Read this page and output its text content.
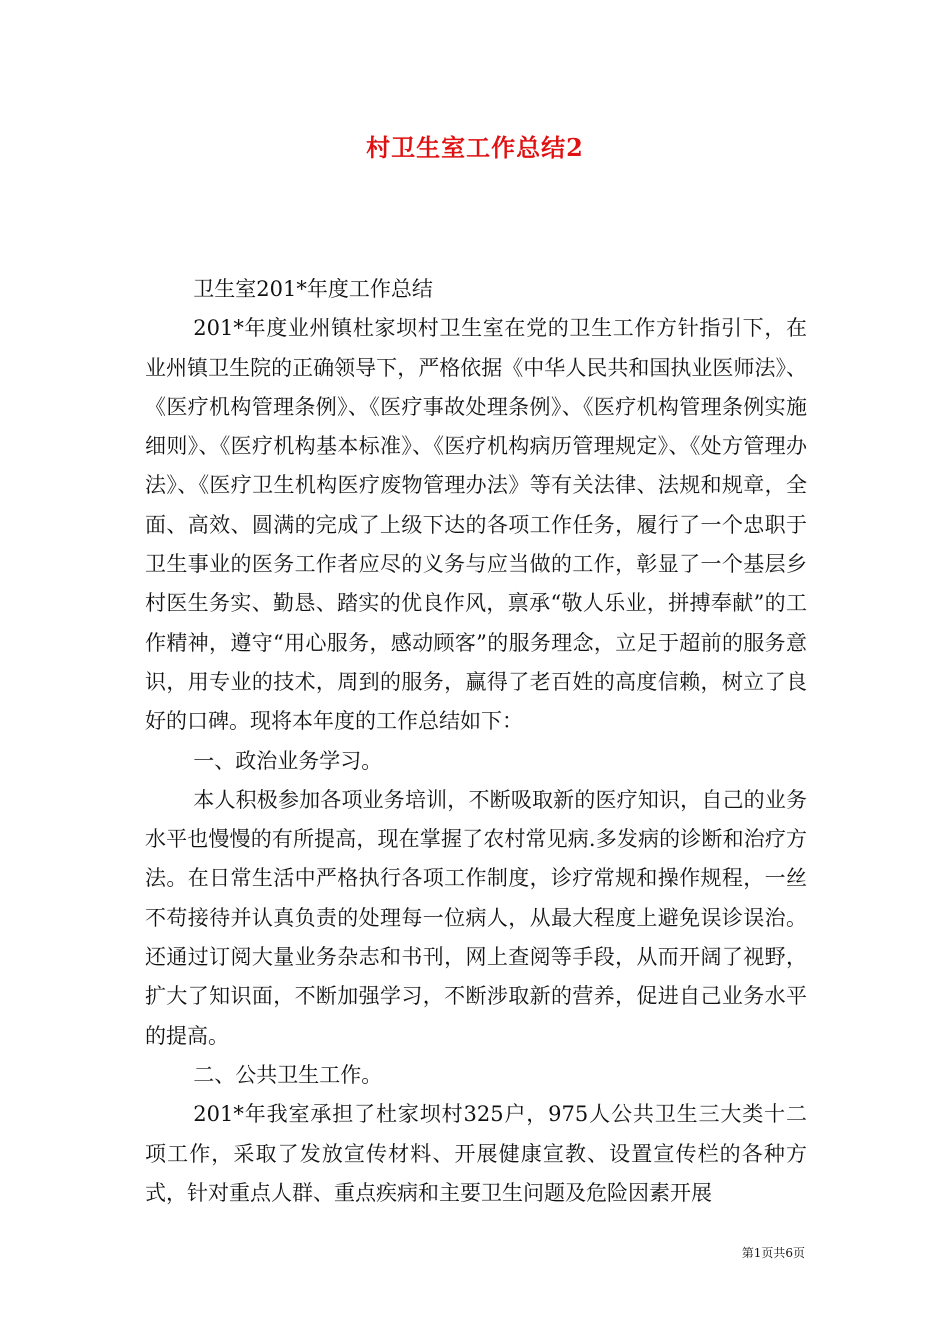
村卫生室工作总结2

卫生室201*年度工作总结

201*年度业州镇杜家坝村卫生室在党的卫生工作方针指引下，在业州镇卫生院的正确领导下，严格依据《中华人民共和国执业医师法》、《医疗机构管理条例》、《医疗事故处理条例》、《医疗机构管理条例实施细则》、《医疗机构基本标准》、《医疗机构病历管理规定》、《处方管理办法》、《医疗卫生机构医疗废物管理办法》等有关法律、法规和规章，全面、高效、圆满的完成了上级下达的各项工作任务，履行了一个忠职于卫生事业的医务工作者应尽的义务与应当做的工作，彰显了一个基层乡村医生务实、勤恳、踏实的优良作风，禀承“敬人乐业，拼搏奉献”的工作精神，遵守“用心服务，感动顾客”的服务理念，立足于超前的服务意识，用专业的技术，周到的服务，赢得了老百姓的高度信赖，树立了良好的口碑。现将本年度的工作总结如下：

一、政治业务学习。

本人积极参加各项业务培训，不断吸取新的医疗知识，自己的业务水平也慢慢的有所提高，现在掌握了农村常见病.多发病的诊断和治疗方法。在日常生活中严格执行各项工作制度，诊疗常规和操作规程，一丝不苟接待并认真负责的处理每一位病人，从最大程度上避免误诊误治。还通过订阅大量业务杂志和书刊，网上查阅等手段，从而开阔了视野，扩大了知识面，不断加强学习，不断涉取新的营养，促进自己业务水平的提高。

二、公共卫生工作。

201*年我室承担了杜家坝村325户，975人公共卫生三大类十二项工作，采取了发放宣传材料、开展健康宣教、设置宣传栏的各种方式，针对重点人群、重点疾病和主要卫生问题及危险因素开展

第1页共6页
